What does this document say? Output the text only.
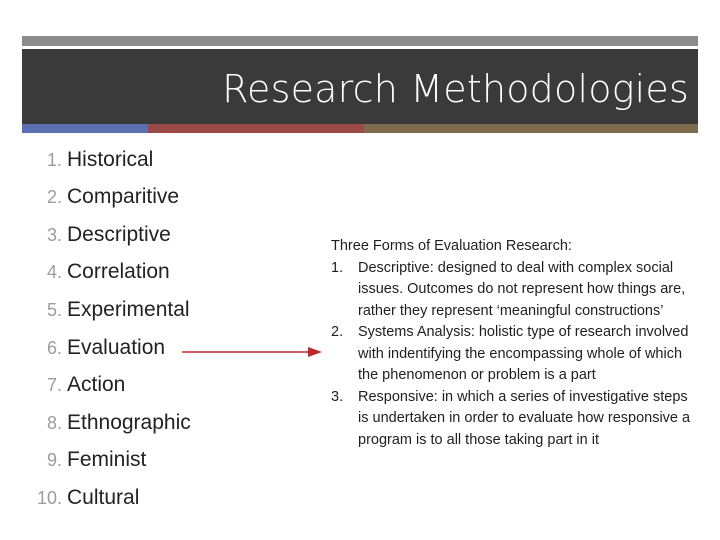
Research Methodologies
1. Historical
2. Comparitive
3. Descriptive
4. Correlation
5. Experimental
6. Evaluation
7. Action
8. Ethnographic
9. Feminist
10. Cultural
Three Forms of Evaluation Research:
1. Descriptive: designed to deal with complex social issues. Outcomes do not represent how things are, rather they represent ‘meaningful constructions’
2. Systems Analysis: holistic type of research involved with indentifying the encompassing whole of which the phenomenon or problem is a part
3. Responsive: in which a series of investigative steps is undertaken in order to evaluate how responsive a program is to all those taking part in it
